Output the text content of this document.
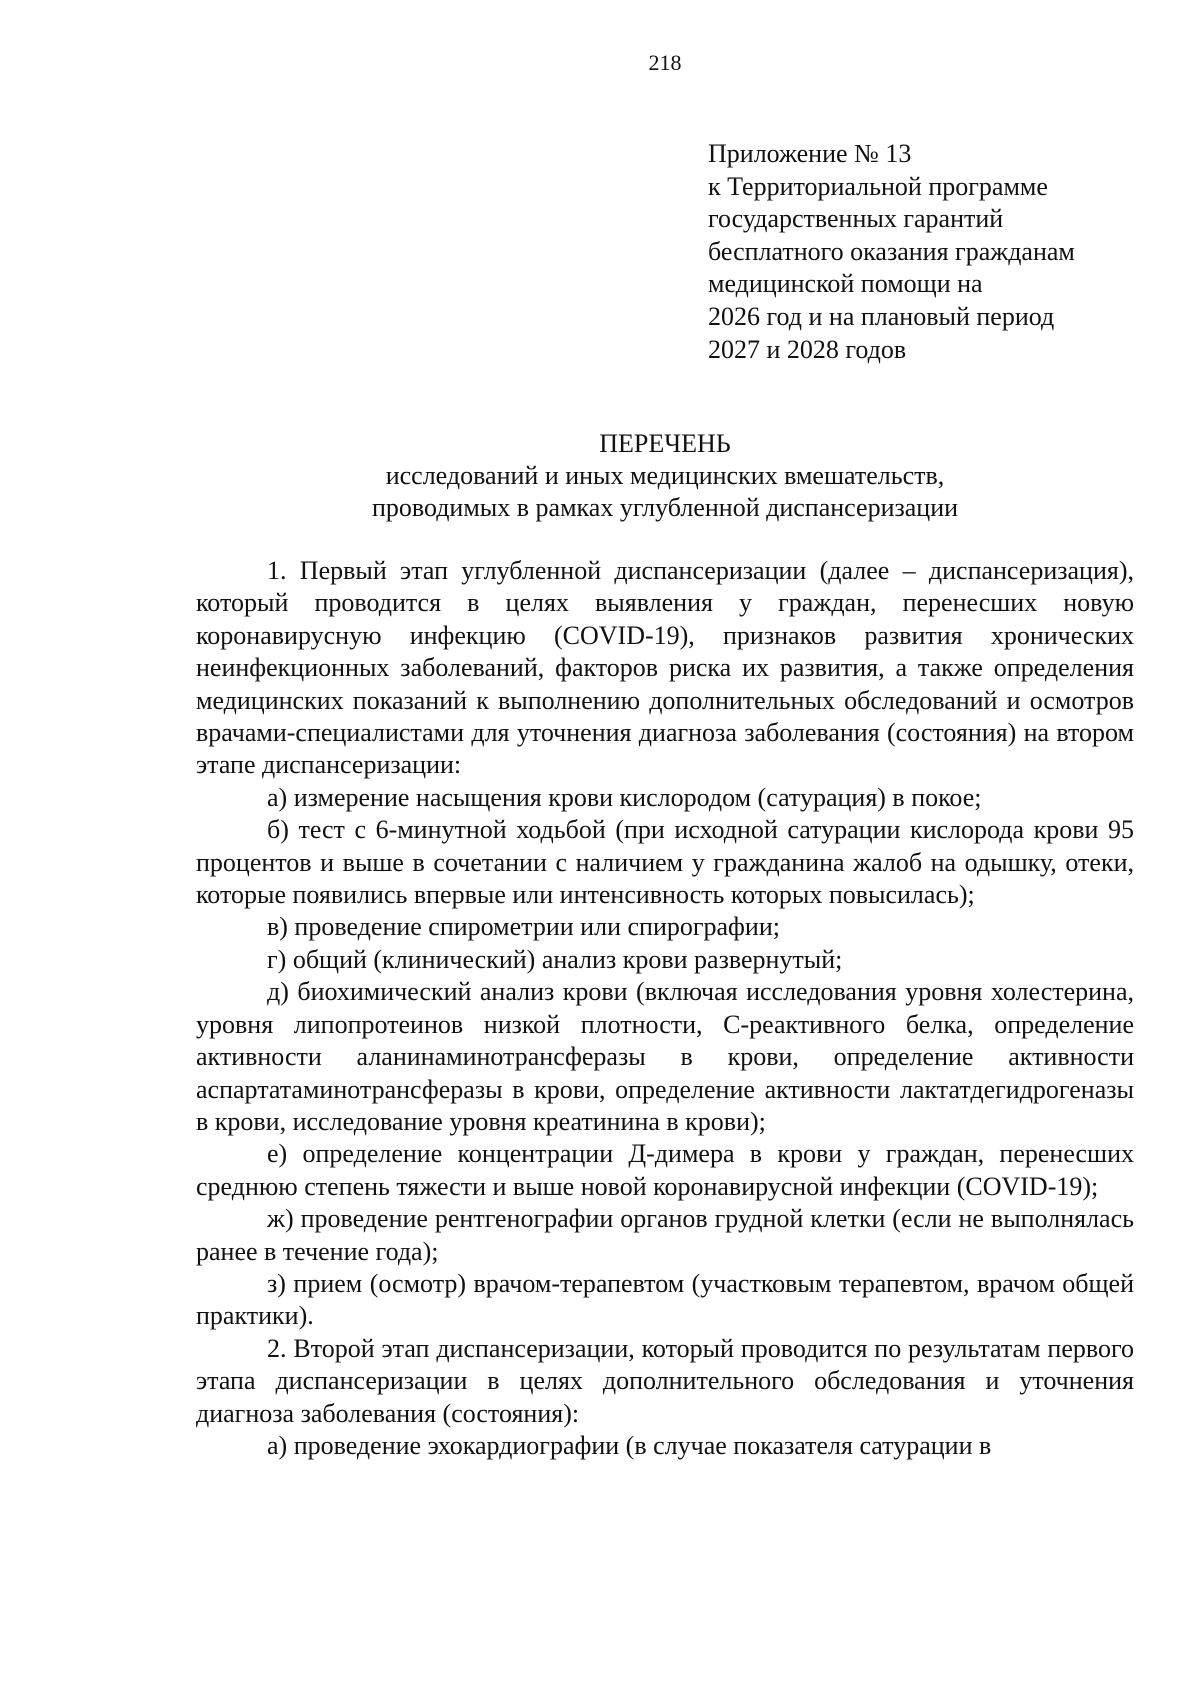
218
Приложение № 13
к Территориальной программе
государственных гарантий
бесплатного оказания гражданам
медицинской помощи на
2026 год и на плановый период
2027 и 2028 годов
ПЕРЕЧЕНЬ
исследований и иных медицинских вмешательств,
проводимых в рамках углубленной диспансеризации

1. Первый этап углубленной диспансеризации (далее – диспансеризация), который проводится в целях выявления у граждан, перенесших новую коронавирусную инфекцию (COVID-19), признаков развития хронических неинфекционных заболеваний, факторов риска их развития, а также определения медицинских показаний к выполнению дополнительных обследований и осмотров врачами-специалистами для уточнения диагноза заболевания (состояния) на втором этапе диспансеризации:

а) измерение насыщения крови кислородом (сатурация) в покое;

б) тест с 6-минутной ходьбой (при исходной сатурации кислорода крови 95 процентов и выше в сочетании с наличием у гражданина жалоб на одышку, отеки, которые появились впервые или интенсивность которых повысилась);

в) проведение спирометрии или спирографии;

г) общий (клинический) анализ крови развернутый;

д) биохимический анализ крови (включая исследования уровня холестерина, уровня липопротеинов низкой плотности, С-реактивного белка, определение активности аланинаминотрансферазы в крови, определение активности аспартатаминотрансферазы в крови, определение активности лактатдегидрогеназы в крови, исследование уровня креатинина в крови);

е) определение концентрации Д-димера в крови у граждан, перенесших среднюю степень тяжести и выше новой коронавирусной инфекции (COVID-19);

ж) проведение рентгенографии органов грудной клетки (если не выполнялась ранее в течение года);

з) прием (осмотр) врачом-терапевтом (участковым терапевтом, врачом общей практики).

2. Второй этап диспансеризации, который проводится по результатам первого этапа диспансеризации в целях дополнительного обследования и уточнения диагноза заболевания (состояния):

а) проведение эхокардиографии (в случае показателя сатурации в
